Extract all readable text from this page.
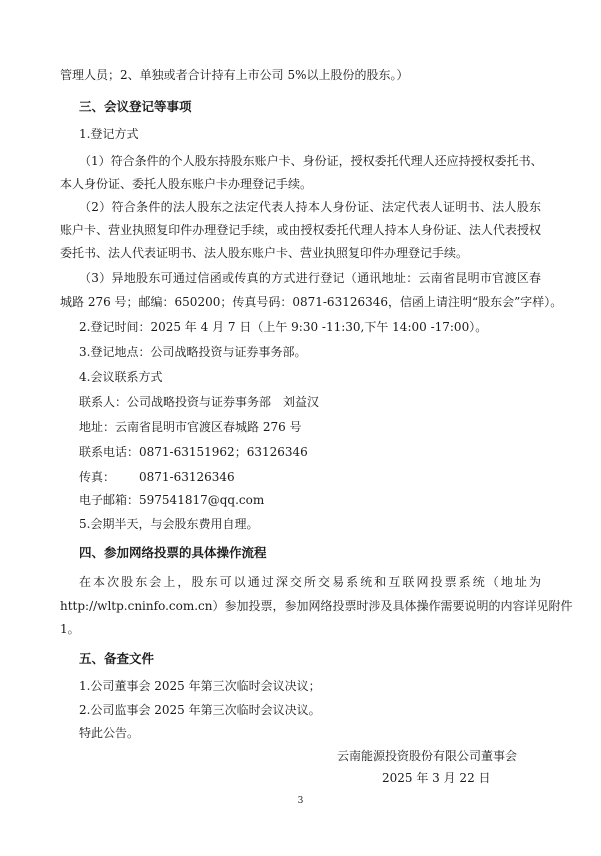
管理人员；2、单独或者合计持有上市公司 5%以上股份的股东。）
三、会议登记等事项
1.登记方式
（1）符合条件的个人股东持股东账户卡、身份证，授权委托代理人还应持授权委托书、
本人身份证、委托人股东账户卡办理登记手续。
（2）符合条件的法人股东之法定代表人持本人身份证、法定代表人证明书、法人股东
账户卡、营业执照复印件办理登记手续，或由授权委托代理人持本人身份证、法人代表授权
委托书、法人代表证明书、法人股东账户卡、营业执照复印件办理登记手续。
（3）异地股东可通过信函或传真的方式进行登记（通讯地址：云南省昆明市官渡区春
城路 276 号；邮编：650200；传真号码：0871-63126346，信函上请注明“股东会”字样）。
2.登记时间：2025 年 4 月 7 日（上午 9:30 -11:30,下午 14:00 -17:00）。
3.登记地点：公司战略投资与证券事务部。
4.会议联系方式
联系人：公司战略投资与证券事务部　刘益汉
地址：云南省昆明市官渡区春城路 276 号
联系电话：0871-63151962；63126346
传真： 0871-63126346
电子邮箱：597541817@qq.com
5.会期半天，与会股东费用自理。
四、参加网络投票的具体操作流程
在本次股东会上，股东可以通过深交所交易系统和互联网投票系统（地址为
http://wltp.cninfo.com.cn）参加投票，参加网络投票时涉及具体操作需要说明的内容详见附件
1。
五、备查文件
1.公司董事会 2025 年第三次临时会议决议；
2.公司监事会 2025 年第三次临时会议决议。
特此公告。
云南能源投资股份有限公司董事会
2025 年 3 月 22 日
3
